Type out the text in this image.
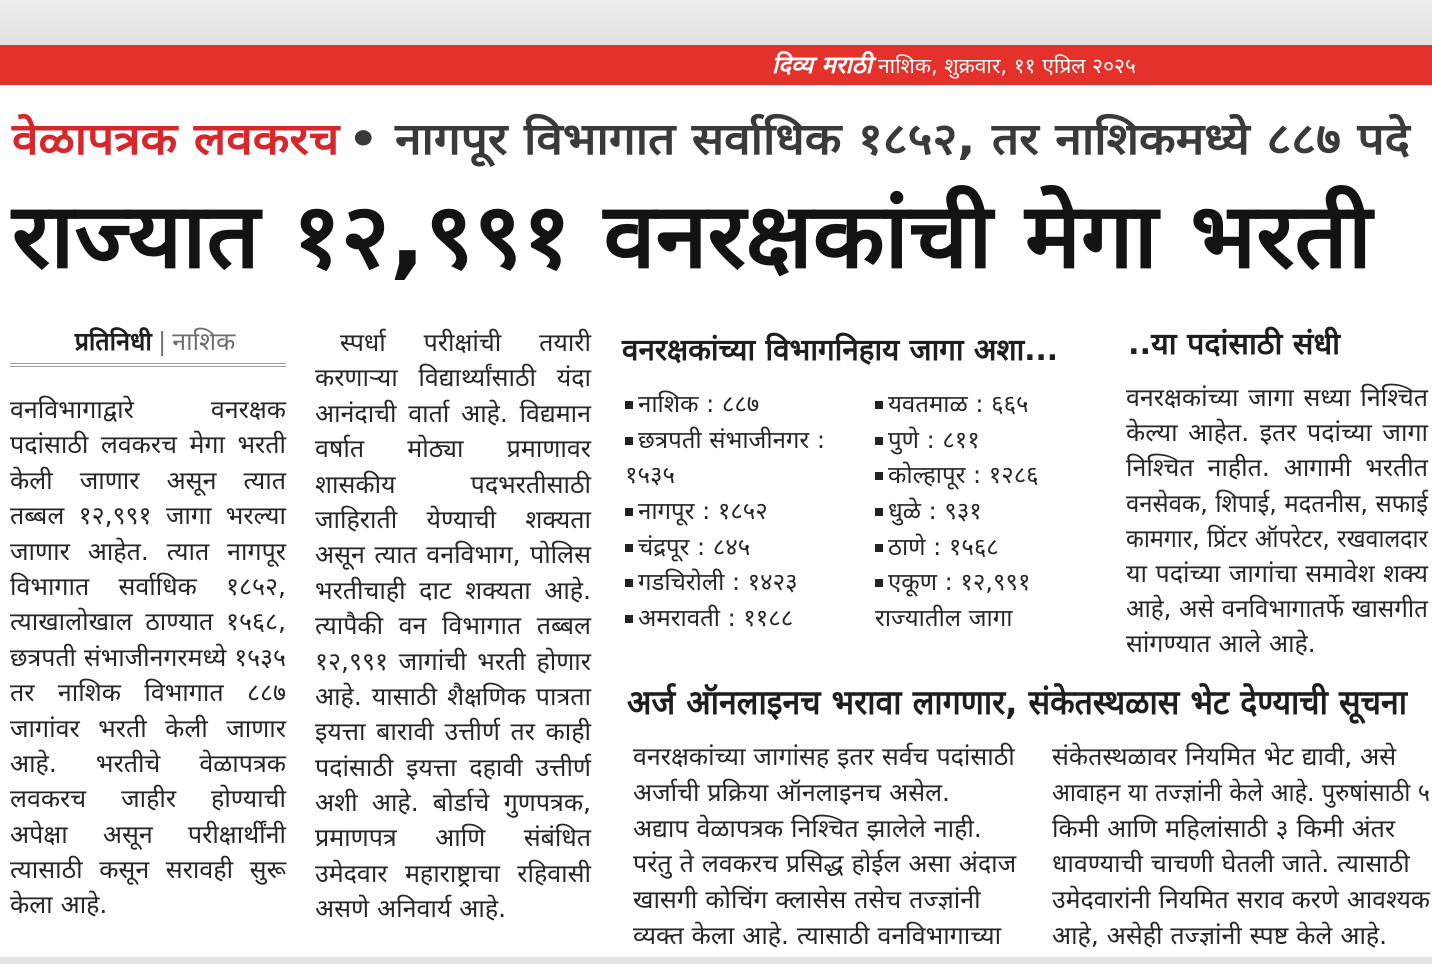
दिव्य मराठी नाशिक, शुक्रवार, ११ एप्रिल २०२५
वेळापत्रक लवकरच • नागपूर विभागात सर्वाधिक १८५२, तर नाशिकमध्ये ८८७ पदे
राज्यात १२,९९१ वनरक्षकांची मेगा भरती
प्रतिनिधी | नाशिक
वनविभागाद्वारे वनरक्षक
पदांसाठी लवकरच मेगा भरती
केली जाणार असून त्यात
तब्बल १२,९९१ जागा भरल्या
जाणार आहेत. त्यात नागपूर
विभागात सर्वाधिक १८५२,
त्याखालोखाल ठाण्यात १५६८,
छत्रपती संभाजीनगरमध्ये १५३५
तर नाशिक विभागात ८८७
जागांवर भरती केली जाणार
आहे. भरतीचे वेळापत्रक
लवकरच जाहीर होण्याची
अपेक्षा असून परीक्षार्थींनी
त्यासाठी कसून सरावही सुरू
केला आहे.
स्पर्धा परीक्षांची तयारी
करणाऱ्या विद्यार्थ्यांसाठी यंदा
आनंदाची वार्ता आहे. विद्यमान
वर्षात मोठ्या प्रमाणावर
शासकीय पदभरतीसाठी
जाहिराती येण्याची शक्यता
असून त्यात वनविभाग, पोलिस
भरतीचाही दाट शक्यता आहे.
त्यापैकी वन विभागात तब्बल
१२,९९१ जागांची भरती होणार
आहे. यासाठी शैक्षणिक पात्रता
इयत्ता बारावी उत्तीर्ण तर काही
पदांसाठी इयत्ता दहावी उत्तीर्ण
अशी आहे. बोर्डाचे गुणपत्रक,
प्रमाणपत्र आणि संबंधित
उमेदवार महाराष्ट्राचा रहिवासी
असणे अनिवार्य आहे.
वनरक्षकांच्या विभागनिहाय जागा अशा...
नाशिक : ८८७
छत्रपती संभाजीनगर :
१५३५
नागपूर : १८५२
चंद्रपूर : ८४५
गडचिरोली : १४२३
अमरावती : ११८८
यवतमाळ : ६६५
पुणे : ८११
कोल्हापूर : १२८६
धुळे : ९३१
ठाणे : १५६८
एकूण : १२,९९१
राज्यातील जागा
..या पदांसाठी संधी
वनरक्षकांच्या जागा सध्या निश्चित
केल्या आहेत. इतर पदांच्या जागा
निश्चित नाहीत. आगामी भरतीत
वनसेवक, शिपाई, मदतनीस, सफाई
कामगार, प्रिंटर ऑपरेटर, रखवालदार
या पदांच्या जागांचा समावेश शक्य
आहे, असे वनविभागातर्फे खासगीत
सांगण्यात आले आहे.
अर्ज ऑनलाइनच भरावा लागणार, संकेतस्थळास भेट देण्याची सूचना
वनरक्षकांच्या जागांसह इतर सर्वच पदांसाठी
अर्जाची प्रक्रिया ऑनलाइनच असेल.
अद्याप वेळापत्रक निश्चित झालेले नाही.
परंतु ते लवकरच प्रसिद्ध होईल असा अंदाज
खासगी कोचिंग क्लासेस तसेच तज्ज्ञांनी
व्यक्त केला आहे. त्यासाठी वनविभागाच्या
संकेतस्थळावर नियमित भेट द्यावी, असे
आवाहन या तज्ज्ञांनी केले आहे. पुरुषांसाठी ५
किमी आणि महिलांसाठी ३ किमी अंतर
धावण्याची चाचणी घेतली जाते. त्यासाठी
उमेदवारांनी नियमित सराव करणे आवश्यक
आहे, असेही तज्ज्ञांनी स्पष्ट केले आहे.
